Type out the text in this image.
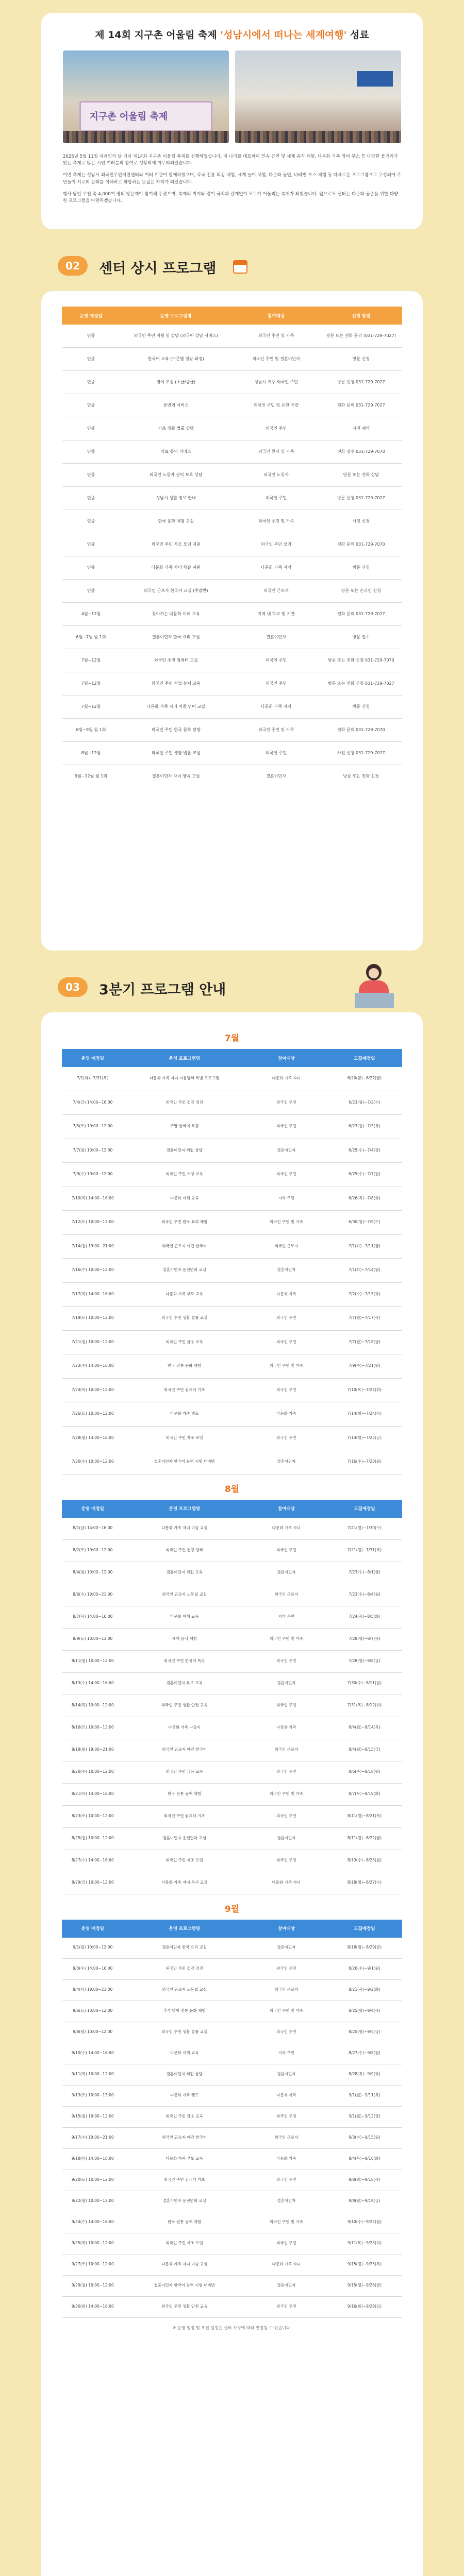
제 14회 지구촌 어울림 축제 '성남시에서 떠나는 세계여행' 성료
지구촌 어울림 축제

2025년 5월 11일 세계인의 날 기념 제14회 지구촌 어울림 축제를 진행하였습니다. 이 나라를 대표하여 민속 공연 및 세계 음식 체험, 다문화 가족 참여 부스 등 다양한 볼거리가 있는 축제로 많은 시민 여러분의 참여로 성황리에 마무리되었습니다.

이번 축제는 성남시 외국인주민지원센터와 여러 기관이 함께하였으며, 각국 전통 의상 체험, 세계 놀이 체험, 다문화 공연, 나라별 부스 체험 등 다채로운 프로그램으로 구성되어 주민들이 서로의 문화를 이해하고 화합하는 뜻깊은 자리가 되었습니다.

행사 당일 우천 속 4,000여 명의 방문객이 참여해 주셨으며, 축제의 취지와 같이 국적과 관계없이 모두가 어울리는 축제가 되었습니다. 앞으로도 센터는 다문화 공존을 위한 다양한 프로그램을 마련하겠습니다.

02	센터 상시 프로그램
운영 예정일	운영 프로그램명	참여대상	신청 방법
연중	외국인 주민 지원 및 상담 (외국어 상담 서비스)	외국인 주민 및 가족	방문 또는 전화 문의 (031-729-7027)
연중	한국어 교육 (수준별 정규 과정)	외국인 주민 및 결혼이민자	방문 신청
연중	영어 교실 (초급/중급)	성남시 거주 외국인 주민	방문 신청 031-729-7027
연중	통번역 서비스	외국인 주민 및 유관 기관	전화 문의 031-729-7027
연중	기초 생활 법률 상담	외국인 주민	사전 예약
연중	의료 통역 서비스	외국인 환자 및 가족	전화 접수 031-729-7070
연중	외국인 노동자 권익 보호 상담	외국인 노동자	방문 또는 전화 상담
연중	성남시 생활 정보 안내	외국인 주민	방문 신청 031-729-7027
연중	한국 문화 체험 교실	외국인 주민 및 가족	사전 신청
연중	외국인 주민 자조 모임 지원	외국인 주민 모임	전화 문의 031-729-7070
연중	다문화 가족 자녀 학습 지원	다문화 가족 자녀	방문 신청
연중	외국인 근로자 한국어 교실 (주말반)	외국인 근로자	방문 또는 온라인 신청
4월~12월	찾아가는 다문화 이해 교육	지역 내 학교 및 기관	전화 문의 031-729-7027
6월~7월 월 1회	결혼이민자 한국 요리 교실	결혼이민자	방문 접수
7월~12월	외국인 주민 컴퓨터 교실	외국인 주민	방문 또는 전화 신청 031-729-7070
7월~12월	외국인 주민 직업 능력 교육	외국인 주민	방문 또는 전화 신청 031-729-7027
7월~12월	다문화 가족 자녀 이중 언어 교실	다문화 가족 자녀	방문 신청
8월~9월 월 1회	외국인 주민 한국 문화 탐방	외국인 주민 및 가족	전화 문의 031-729-7070
8월~12월	외국인 주민 생활 법률 교실	외국인 주민	사전 신청 031-729-7027
9월~12월 월 1회	결혼이민자 자녀 양육 교실	결혼이민자	방문 또는 전화 신청
03	3분기 프로그램 안내
7월
운영 예정일	운영 프로그램명	참여대상	모집예정일
7/1(화)~7/31(목)	다문화 가족 자녀 여름방학 특별 프로그램	다문화 가족 자녀	6/20(금)~6/27(금)
7/4(금) 14:00~16:00	외국인 주민 건강 검진	외국인 주민	6/23(월)~7/2(수)
7/5(토) 10:00~12:00	주말 한국어 특강	외국인 주민	6/23(월)~7/3(목)
7/7(월) 10:00~12:00	결혼이민자 취업 상담	결혼이민자	6/25(수)~7/4(금)
7/9(수) 10:00~12:00	외국인 주민 소양 교육	외국인 주민	6/25(수)~7/7(월)
7/10(목) 14:00~16:00	다문화 이해 교육	지역 주민	6/26(목)~7/8(화)
7/12(토) 10:00~13:00	외국인 주민 한국 요리 체험	외국인 주민 및 가족	6/30(월)~7/9(수)
7/14(월) 19:00~21:00	외국인 근로자 야간 한국어	외국인 근로자	7/1(화)~7/11(금)
7/16(수) 10:00~12:00	결혼이민자 운전면허 교실	결혼이민자	7/1(화)~7/14(월)
7/17(목) 14:00~16:00	다문화 가족 부모 교육	다문화 가족	7/2(수)~7/15(화)
7/19(토) 10:00~12:00	외국인 주민 생활 법률 교실	외국인 주민	7/7(월)~7/17(목)
7/21(월) 10:00~12:00	외국인 주민 금융 교육	외국인 주민	7/7(월)~7/18(금)
7/23(수) 14:00~16:00	한국 전통 문화 체험	외국인 주민 및 가족	7/9(수)~7/21(월)
7/24(목) 10:00~12:00	외국인 주민 컴퓨터 기초	외국인 주민	7/10(목)~7/22(화)
7/26(토) 10:00~12:00	다문화 가족 캠프	다문화 가족	7/14(월)~7/24(목)
7/28(월) 14:00~16:00	외국인 주민 자조 모임	외국인 주민	7/14(월)~7/25(금)
7/30(수) 10:00~12:00	결혼이민자 한국어 능력 시험 대비반	결혼이민자	7/16(수)~7/28(월)
8월
운영 예정일	운영 프로그램명	참여대상	모집예정일
8/1(금) 14:00~16:00	다문화 가족 자녀 미술 교실	다문화 가족 자녀	7/21(월)~7/30(수)
8/2(토) 10:00~12:00	외국인 주민 건강 강좌	외국인 주민	7/21(월)~7/31(목)
8/4(월) 10:00~12:00	결혼이민자 직업 교육	결혼이민자	7/23(수)~8/1(금)
8/6(수) 19:00~21:00	외국인 근로자 노동법 교실	외국인 근로자	7/23(수)~8/4(월)
8/7(목) 14:00~16:00	다문화 이해 교육	지역 주민	7/24(목)~8/5(화)
8/9(토) 10:00~13:00	세계 음식 체험	외국인 주민 및 가족	7/28(월)~8/7(목)
8/11(월) 10:00~12:00	외국인 주민 한국어 특강	외국인 주민	7/28(월)~8/8(금)
8/13(수) 14:00~16:00	결혼이민자 부모 교육	결혼이민자	7/30(수)~8/11(월)
8/14(목) 10:00~12:00	외국인 주민 생활 안전 교육	외국인 주민	7/31(목)~8/12(화)
8/16(토) 10:00~12:00	다문화 가족 나들이	다문화 가족	8/4(월)~8/14(목)
8/18(월) 19:00~21:00	외국인 근로자 야간 한국어	외국인 근로자	8/4(월)~8/15(금)
8/20(수) 10:00~12:00	외국인 주민 금융 교육	외국인 주민	8/6(수)~8/18(월)
8/21(목) 14:00~16:00	한국 전통 공예 체험	외국인 주민 및 가족	8/7(목)~8/19(화)
8/23(토) 10:00~12:00	외국인 주민 컴퓨터 기초	외국인 주민	8/11(월)~8/21(목)
8/25(월) 10:00~12:00	결혼이민자 운전면허 교실	결혼이민자	8/11(월)~8/22(금)
8/27(수) 14:00~16:00	외국인 주민 자조 모임	외국인 주민	8/13(수)~8/25(월)
8/29(금) 10:00~12:00	다문화 가족 자녀 독서 교실	다문화 가족 자녀	8/18(월)~8/27(수)
9월
운영 예정일	운영 프로그램명	참여대상	모집예정일
9/1(월) 10:00~12:00	결혼이민자 한국 요리 교실	결혼이민자	8/18(월)~8/29(금)
9/3(수) 14:00~16:00	외국인 주민 건강 검진	외국인 주민	8/20(수)~9/1(월)
9/4(목) 19:00~21:00	외국인 근로자 노동법 교실	외국인 근로자	8/21(목)~9/2(화)
9/6(토) 10:00~12:00	추석 맞이 전통 문화 체험	외국인 주민 및 가족	8/25(월)~9/4(목)
9/8(월) 10:00~12:00	외국인 주민 생활 법률 교실	외국인 주민	8/25(월)~9/5(금)
9/10(수) 14:00~16:00	다문화 이해 교육	지역 주민	8/27(수)~9/8(월)
9/11(목) 10:00~12:00	결혼이민자 취업 상담	결혼이민자	8/28(목)~9/9(화)
9/13(토) 10:00~13:00	다문화 가족 캠프	다문화 가족	9/1(월)~9/11(목)
9/15(월) 10:00~12:00	외국인 주민 금융 교육	외국인 주민	9/1(월)~9/12(금)
9/17(수) 19:00~21:00	외국인 근로자 야간 한국어	외국인 근로자	9/3(수)~9/15(월)
9/18(목) 14:00~16:00	다문화 가족 부모 교육	다문화 가족	9/4(목)~9/16(화)
9/20(토) 10:00~12:00	외국인 주민 컴퓨터 기초	외국인 주민	9/8(월)~9/18(목)
9/22(월) 10:00~12:00	결혼이민자 운전면허 교실	결혼이민자	9/8(월)~9/19(금)
9/24(수) 14:00~16:00	한국 전통 공예 체험	외국인 주민 및 가족	9/10(수)~9/22(월)
9/25(목) 10:00~12:00	외국인 주민 자조 모임	외국인 주민	9/11(목)~9/23(화)
9/27(토) 10:00~12:00	다문화 가족 자녀 미술 교실	다문화 가족 자녀	9/15(월)~9/25(목)
9/29(월) 10:00~12:00	결혼이민자 한국어 능력 시험 대비반	결혼이민자	9/15(월)~9/26(금)
9/30(화) 14:00~16:00	외국인 주민 생활 안전 교육	외국인 주민	9/16(화)~9/28(일)
※ 운영 일정 및 모집 일정은 센터 사정에 따라 변경될 수 있습니다.
